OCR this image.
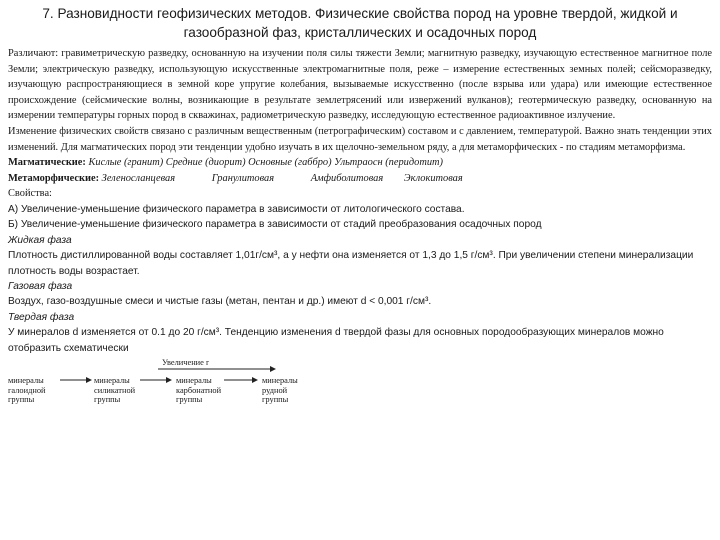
7. Разновидности геофизических методов. Физические свойства пород на уровне твердой, жидкой и газообразной фаз, кристаллических и осадочных пород

Различают: гравиметрическую разведку, основанную на изучении поля силы тяжести Земли; магнитную разведку, изучающую естественное магнитное поле Земли; электрическую разведку, использующую искусственные электромагнитные поля, реже – измерение естественных земных полей; сейсморазведку, изучающую распространяющиеся в земной коре упругие колебания, вызываемые искусственно (после взрыва или удара) или имеющие естественное происхождение (сейсмические волны, возникающие в результате землетрясений или извержений вулканов); геотермическую разведку, основанную на измерении температуры горных пород в скважинах, радиометрическую разведку, исследующую естественное радиоактивное излучение.

Изменение физических свойств связано с различным вещественным (петрографическим) составом и с давлением, температурой. Важно знать тенденции этих изменений. Для магматических пород эти тенденции удобно изучать в их щелочно-земельном ряду, а для метаморфических - по стадиям метаморфизма.

Магматические: Кислые (гранит) Средние (диорит) Основные (габбро) Ультраосн (перидотит)

Метаморфические: Зеленосланцевая	Гранулитовая	Амфиболитовая Эклокитовая

Свойства:

А) Увеличение-уменьшение физического параметра в зависимости от литологического состава.

Б) Увеличение-уменьшение физического параметра в зависимости от стадий преобразования осадочных пород

Жидкая фаза

Плотность дистиллированной воды составляет 1,01г/см³, а у нефти она изменяется от 1,3 до 1,5 г/см³. При увеличении степени минерализации плотность воды возрастает.

Газовая фаза

Воздух, газо-воздушные смеси и чистые газы (метан, пентан и др.) имеют d < 0,001 г/см³.

Твердая фаза

У минералов d изменяется от 0.1 до 20 г/см³. Тенденцию изменения d твердой фазы для основных породообразующих минералов можно отобразить схематически

Увеличение r
минералы
галоидной
группы
минералы
силикатной
группы
минералы
карбонатной
группы
минералы
рудной
группы
